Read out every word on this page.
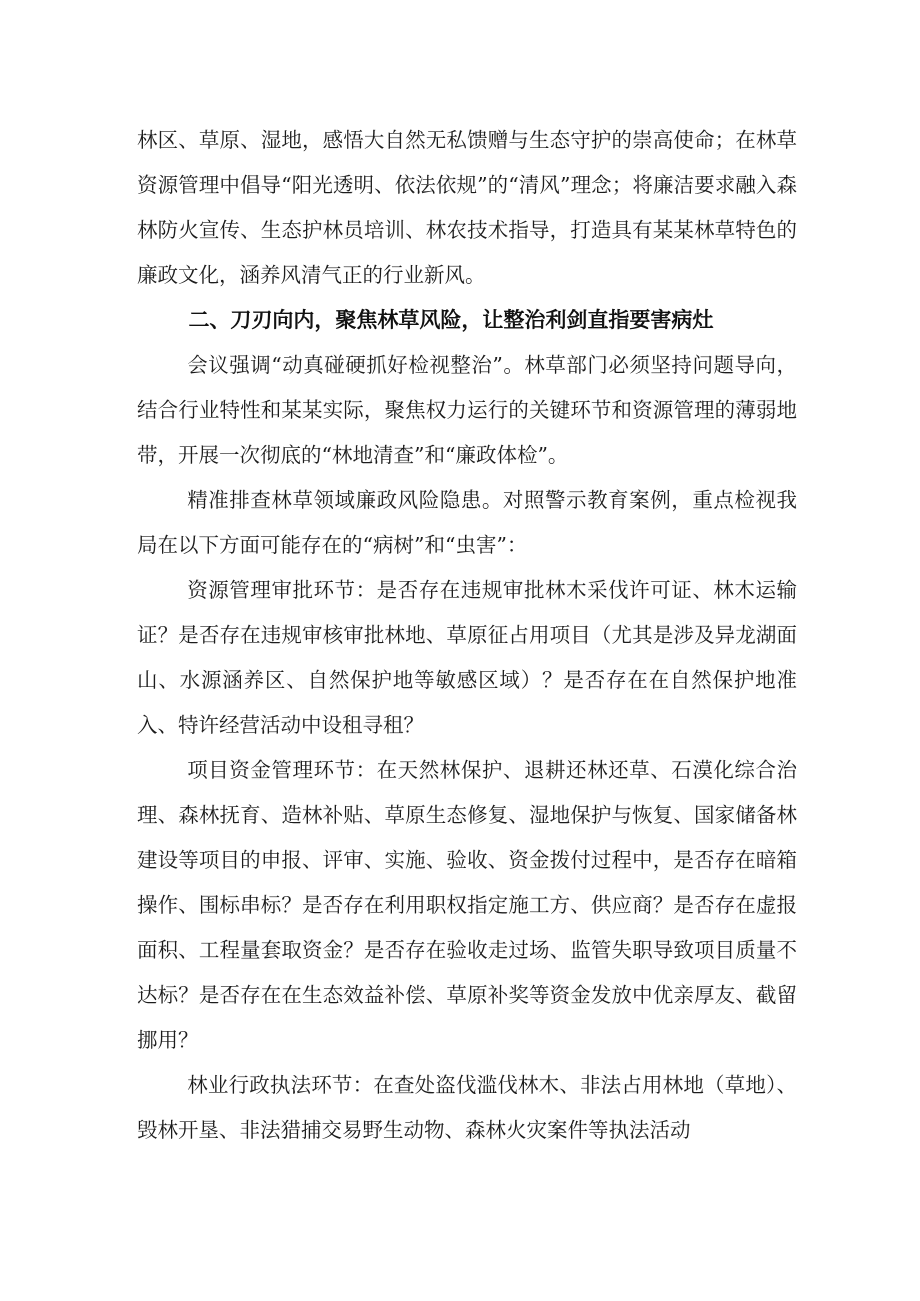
林区、草原、湿地，感悟大自然无私馈赠与生态守护的崇高使命；在林草资源管理中倡导“阳光透明、依法依规”的“清风”理念；将廉洁要求融入森林防火宣传、生态护林员培训、林农技术指导，打造具有某某林草特色的廉政文化，涵养风清气正的行业新风。

二、刀刃向内，聚焦林草风险，让整治利剑直指要害病灶

会议强调“动真碰硬抓好检视整治”。林草部门必须坚持问题导向，结合行业特性和某某实际，聚焦权力运行的关键环节和资源管理的薄弱地带，开展一次彻底的“林地清查”和“廉政体检”。

精准排查林草领域廉政风险隐患。对照警示教育案例，重点检视我局在以下方面可能存在的“病树”和“虫害”：

资源管理审批环节：是否存在违规审批林木采伐许可证、林木运输证？是否存在违规审核审批林地、草原征占用项目（尤其是涉及异龙湖面山、水源涵养区、自然保护地等敏感区域）？是否存在在自然保护地准入、特许经营活动中设租寻租？

项目资金管理环节：在天然林保护、退耕还林还草、石漠化综合治理、森林抚育、造林补贴、草原生态修复、湿地保护与恢复、国家储备林建设等项目的申报、评审、实施、验收、资金拨付过程中，是否存在暗箱操作、围标串标？是否存在利用职权指定施工方、供应商？是否存在虚报面积、工程量套取资金？是否存在验收走过场、监管失职导致项目质量不达标？是否存在在生态效益补偿、草原补奖等资金发放中优亲厚友、截留挪用？

林业行政执法环节：在查处盗伐滥伐林木、非法占用林地（草地）、毁林开垦、非法猎捕交易野生动物、森林火灾案件等执法活动
